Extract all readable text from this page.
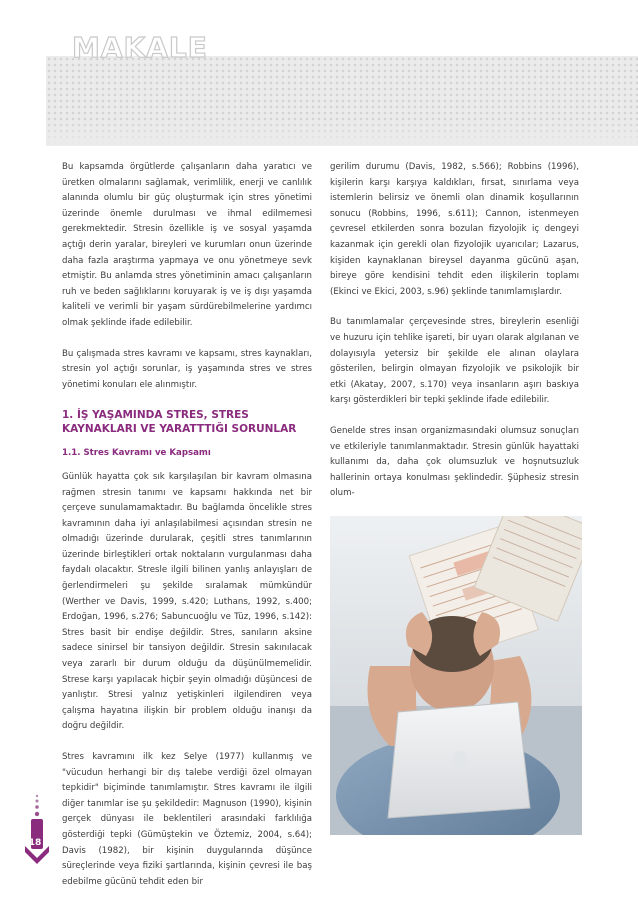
MAKALE

Bu kapsamda örgütlerde çalışanların daha yaratıcı ve üretken olmalarını sağlamak, verimlilik, enerji ve canlılık alanında olumlu bir güç oluşturmak için stres yönetimi üzerinde önemle durulması ve ihmal edilmemesi gerekmektedir. Stresin özellikle iş ve sosyal yaşamda açtığı derin yaralar, bireyleri ve kurumları onun üzerinde daha fazla araştırma yapmaya ve onu yönetmeye sevk etmiştir. Bu anlamda stres yönetiminin amacı çalışanların ruh ve beden sağlıklarını koruyarak iş ve iş dışı yaşamda kaliteli ve verimli bir yaşam sürdürebilmelerine yardımcı olmak şeklinde ifade edilebilir.

Bu çalışmada stres kavramı ve kapsamı, stres kaynakları, stresin yol açtığı sorunlar, iş yaşamında stres ve stres yönetimi konuları ele alınmıştır.

1. İŞ YAŞAMINDA STRES, STRES KAYNAKLARI VE YARATTTIĞI SORUNLAR
1.1. Stres Kavramı ve Kapsamı

Günlük hayatta çok sık karşılaşılan bir kavram olmasına rağmen stresin tanımı ve kapsamı hakkında net bir çerçeve sunulamamaktadır. Bu bağlamda öncelikle stres kavramının daha iyi anlaşılabilmesi açısından stresin ne olmadığı üzerinde durularak, çeşitli stres tanımlarının üzerinde birleştikleri ortak noktaların vurgulanması daha faydalı olacaktır. Stresle ilgili bilinen yanlış anlayışları de ğerlendirmeleri şu şekilde sıralamak mümkündür (Werther ve Davis, 1999, s.420; Luthans, 1992, s.400; Erdoğan, 1996, s.276; Sabuncuoğlu ve Tüz, 1996, s.142): Stres basit bir endişe değildir. Stres, sanıların aksine sadece sinirsel bir tansiyon değildir. Stresin sakınılacak veya zararlı bir durum olduğu da düşünülmemelidir. Strese karşı yapılacak hiçbir şeyin olmadığı düşüncesi de yanlıştır. Stresi yalnız yetişkinleri ilgilendiren veya çalışma hayatına ilişkin bir problem olduğu inanışı da doğru değildir.

Stres kavramını ilk kez Selye (1977) kullanmış ve "vücudun herhangi bir dış talebe verdiği özel olmayan tepkidir" biçiminde tanımlamıştır. Stres kavramı ile ilgili diğer tanımlar ise şu şekildedir: Magnuson (1990), kişinin gerçek dünyası ile beklentileri arasındaki farklılığa gösterdiği tepki (Gümüştekin ve Öztemiz, 2004, s.64); Davis (1982), bir kişinin duygularında düşünce süreçlerinde veya fiziki şartlarında, kişinin çevresi ile baş edebilme gücünü tehdit eden bir

gerilim durumu (Davis, 1982, s.566); Robbins (1996), kişilerin karşı karşıya kaldıkları, fırsat, sınırlama veya istemlerin belirsiz ve önemli olan dinamik koşullarının sonucu (Robbins, 1996, s.611); Cannon, istenmeyen çevresel etkilerden sonra bozulan fizyolojik iç dengeyi kazanmak için gerekli olan fizyolojik uyarıcılar; Lazarus, kişiden kaynaklanan bireysel dayanma gücünü aşan, bireye göre kendisini tehdit eden ilişkilerin toplamı (Ekinci ve Ekici, 2003, s.96) şeklinde tanımlamışlardır.

Bu tanımlamalar çerçevesinde stres, bireylerin esenliği ve huzuru için tehlike işareti, bir uyarı olarak algılanan ve dolayısıyla yetersiz bir şekilde ele alınan olaylara gösterilen, belirgin olmayan fizyolojik ve psikolojik bir etki (Akatay, 2007, s.170) veya insanların aşırı baskıya karşı gösterdikleri bir tepki şeklinde ifade edilebilir.

Genelde stres insan organizmasındaki olumsuz sonuçları ve etkileriyle tanımlanmaktadır. Stresin günlük hayattaki kullanımı da, daha çok olumsuzluk ve hoşnutsuzluk hallerinin ortaya konulması şeklindedir. Şüphesiz stresin olum-

18
